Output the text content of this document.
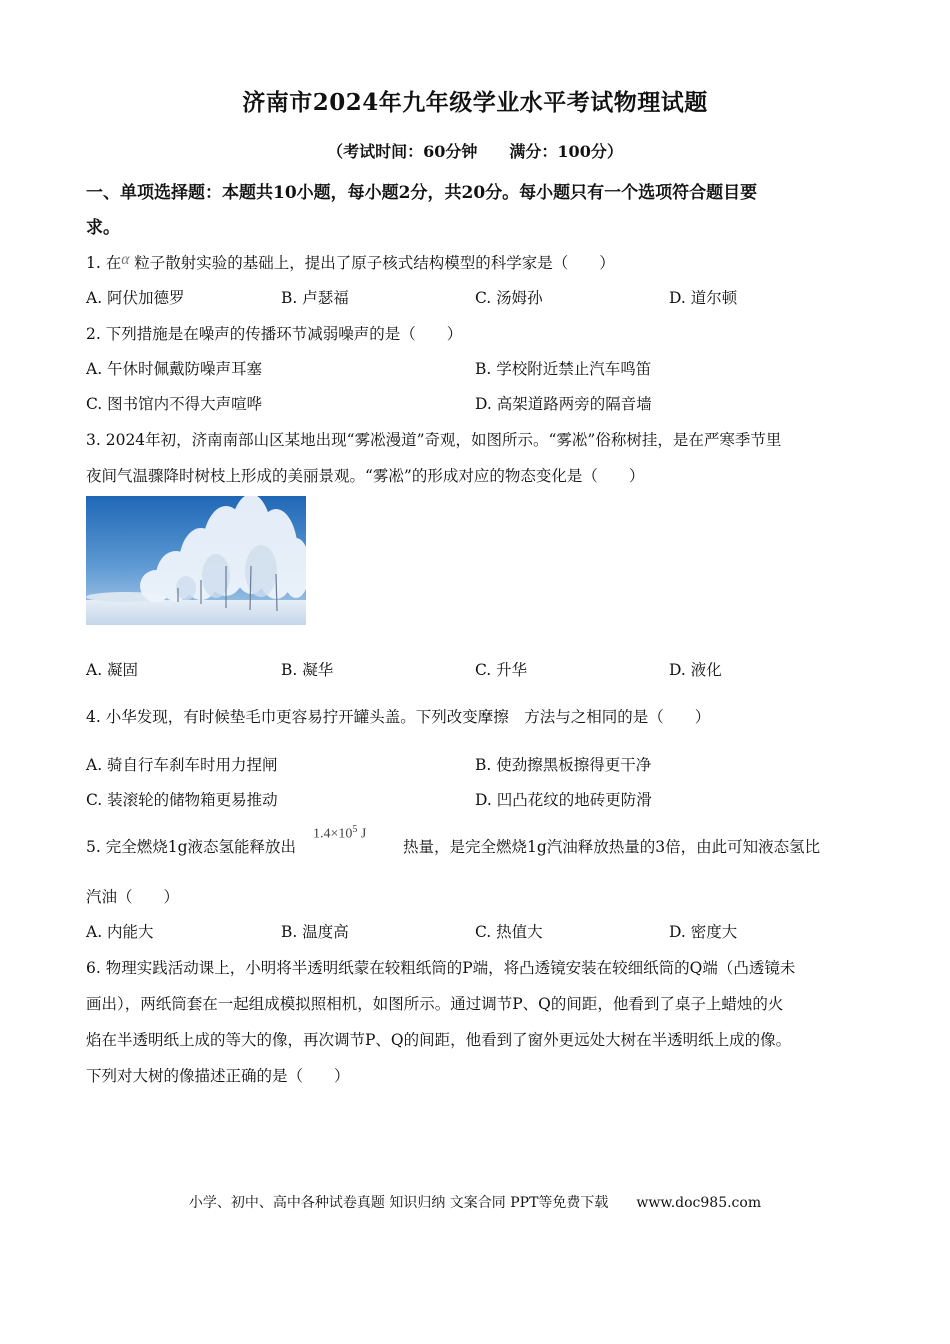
济南市2024年九年级学业水平考试物理试题
（考试时间：60分钟　　满分：100分）
一、单项选择题：本题共10小题，每小题2分，共20分。每小题只有一个选项符合题目要
求。
1. 在α 粒子散射实验的基础上，提出了原子核式结构模型的科学家是（　　）
A. 阿伏加德罗	B. 卢瑟福	C. 汤姆孙	D. 道尔顿
2. 下列措施是在噪声的传播环节减弱噪声的是（　　）
A. 午休时佩戴防噪声耳塞	B. 学校附近禁止汽车鸣笛
C. 图书馆内不得大声喧哗	D. 高架道路两旁的隔音墙
3. 2024年初，济南南部山区某地出现“雾凇漫道”奇观，如图所示。“雾凇”俗称树挂，是在严寒季节里
夜间气温骤降时树枝上形成的美丽景观。“雾凇”的形成对应的物态变化是（　　）
A. 凝固	B. 凝华	C. 升华	D. 液化
4. 小华发现，有时候垫毛巾更容易拧开罐头盖。下列改变摩擦　方法与之相同的是（　　）
A. 骑自行车刹车时用力捏闸	B. 使劲擦黑板擦得更干净
C. 装滚轮的储物箱更易推动	D. 凹凸花纹的地砖更防滑
5. 完全燃烧1g液态氢能释放出
$1.4\times 10^5$ J
热量，是完全燃烧1g汽油释放热量的3倍，由此可知液态氢比
汽油（　　）
A. 内能大	B. 温度高	C. 热值大	D. 密度大
6. 物理实践活动课上，小明将半透明纸蒙在较粗纸筒的P端，将凸透镜安装在较细纸筒的Q端（凸透镜未
画出），两纸筒套在一起组成模拟照相机，如图所示。通过调节P、Q的间距，他看到了桌子上蜡烛的火
焰在半透明纸上成的等大的像，再次调节P、Q的间距，他看到了窗外更远处大树在半透明纸上成的像。
下列对大树的像描述正确的是（　　）
小学、初中、高中各种试卷真题 知识归纳 文案合同 PPT等免费下载　　www.doc985.com
